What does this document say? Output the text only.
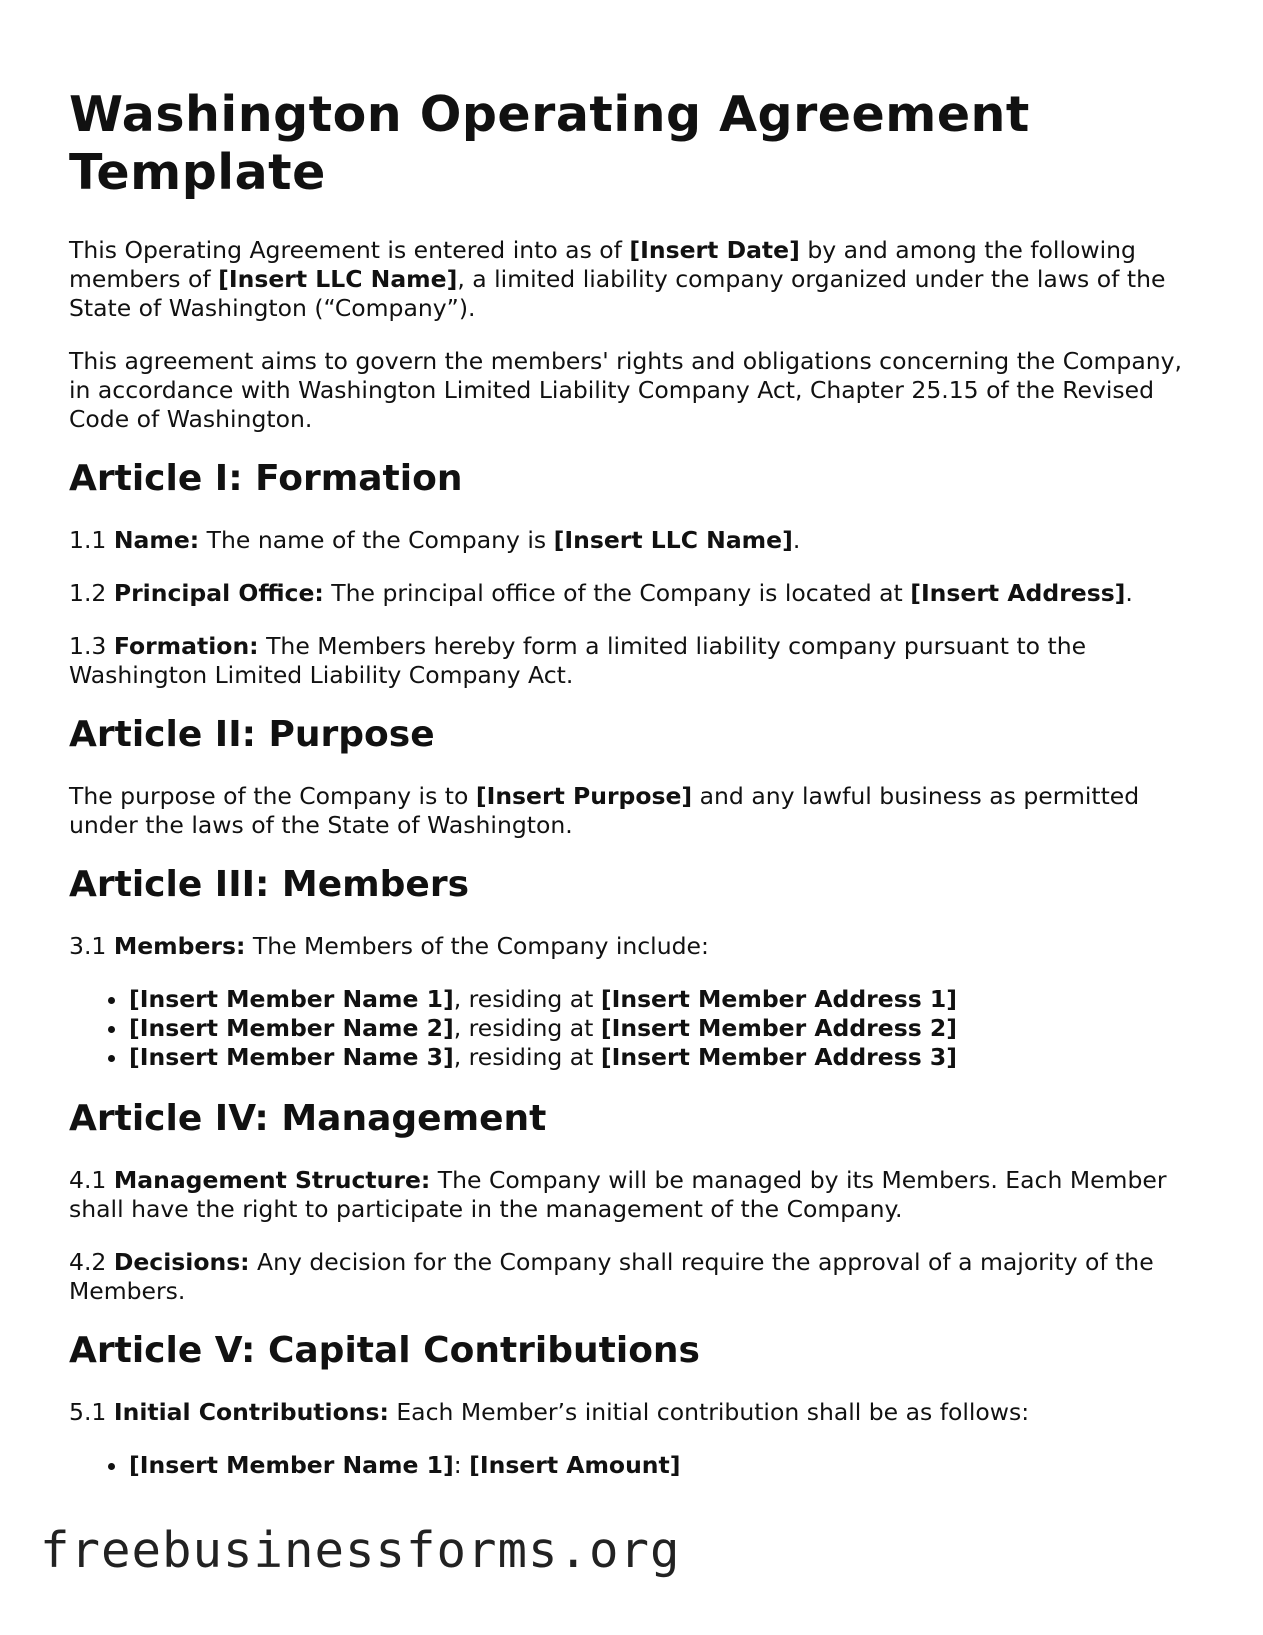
Washington Operating Agreement Template

This Operating Agreement is entered into as of [Insert Date] by and among the following members of [Insert LLC Name], a limited liability company organized under the laws of the State of Washington (“Company”).

This agreement aims to govern the members' rights and obligations concerning the Company, in accordance with Washington Limited Liability Company Act, Chapter 25.15 of the Revised Code of Washington.

Article I: Formation

1.1 Name: The name of the Company is [Insert LLC Name].

1.2 Principal Office: The principal office of the Company is located at [Insert Address].

1.3 Formation: The Members hereby form a limited liability company pursuant to the Washington Limited Liability Company Act.

Article II: Purpose

The purpose of the Company is to [Insert Purpose] and any lawful business as permitted under the laws of the State of Washington.

Article III: Members

3.1 Members: The Members of the Company include:

• [Insert Member Name 1], residing at [Insert Member Address 1]
• [Insert Member Name 2], residing at [Insert Member Address 2]
• [Insert Member Name 3], residing at [Insert Member Address 3]
Article IV: Management

4.1 Management Structure: The Company will be managed by its Members. Each Member shall have the right to participate in the management of the Company.

4.2 Decisions: Any decision for the Company shall require the approval of a majority of the Members.

Article V: Capital Contributions

5.1 Initial Contributions: Each Member’s initial contribution shall be as follows:

• [Insert Member Name 1]: [Insert Amount]
freebusinessforms.org
